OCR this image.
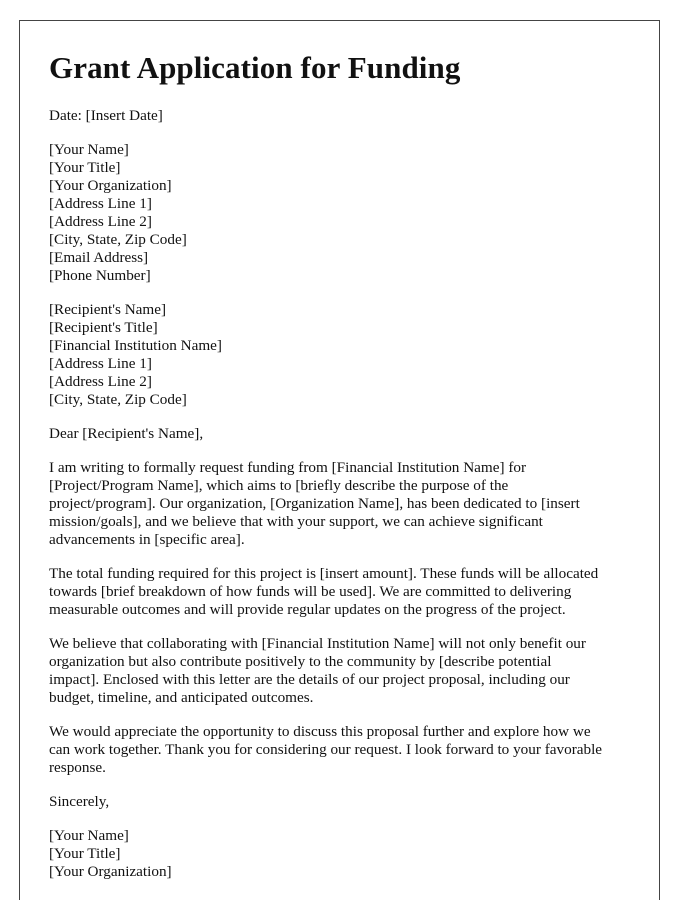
Grant Application for Funding
Date: [Insert Date]
[Your Name]
[Your Title]
[Your Organization]
[Address Line 1]
[Address Line 2]
[City, State, Zip Code]
[Email Address]
[Phone Number]
[Recipient's Name]
[Recipient's Title]
[Financial Institution Name]
[Address Line 1]
[Address Line 2]
[City, State, Zip Code]

Dear [Recipient's Name],

I am writing to formally request funding from [Financial Institution Name] for
[Project/Program Name], which aims to [briefly describe the purpose of the
project/program]. Our organization, [Organization Name], has been dedicated to [insert
mission/goals], and we believe that with your support, we can achieve significant
advancements in [specific area].

The total funding required for this project is [insert amount]. These funds will be allocated
towards [brief breakdown of how funds will be used]. We are committed to delivering
measurable outcomes and will provide regular updates on the progress of the project.

We believe that collaborating with [Financial Institution Name] will not only benefit our
organization but also contribute positively to the community by [describe potential
impact]. Enclosed with this letter are the details of our project proposal, including our
budget, timeline, and anticipated outcomes.

We would appreciate the opportunity to discuss this proposal further and explore how we
can work together. Thank you for considering our request. I look forward to your favorable
response.

Sincerely,

[Your Name]
[Your Title]
[Your Organization]
